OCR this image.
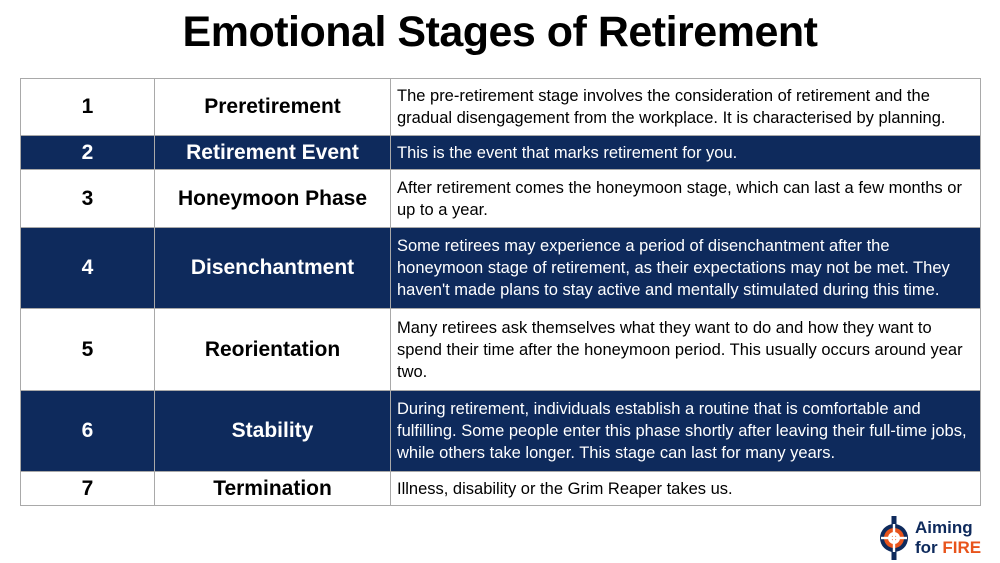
Emotional Stages of Retirement
1	Preretirement	The pre-retirement stage involves the consideration of retirement and the gradual disengagement from the workplace. It is characterised by planning.
2	Retirement Event	This is the event that marks retirement for you.
3	Honeymoon Phase	After retirement comes the honeymoon stage, which can last a few months or up to a year.
4	Disenchantment	Some retirees may experience a period of disenchantment after the honeymoon stage of retirement, as their expectations may not be met. They haven't made plans to stay active and mentally stimulated during this time.
5	Reorientation	Many retirees ask themselves what they want to do and how they want to spend their time after the honeymoon period. This usually occurs around year two.
6	Stability	During retirement, individuals establish a routine that is comfortable and fulfilling. Some people enter this phase shortly after leaving their full-time jobs, while others take longer. This stage can last for many years.
7	Termination	Illness, disability or the Grim Reaper takes us.
Aiming
for FIRE
